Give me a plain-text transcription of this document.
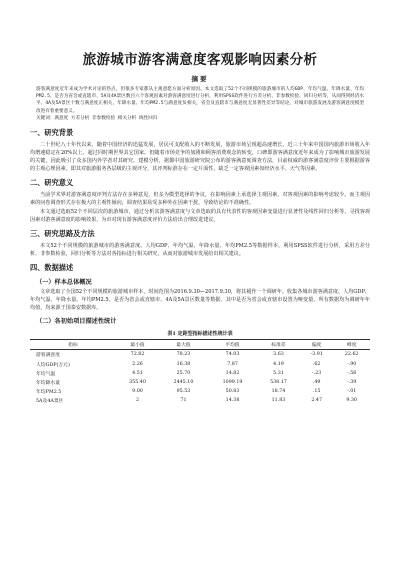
旅游城市游客满意度客观影响因素分析
摘要

游客满意度近年来成为学术讨论的热点，但很多专家都从主观意愿方面分析原因。本文选取了52个不同规模的旅游城市的人均GDP、年均气温、年降水量、年均PM2.5、是否为省会或直辖市、5A及4A景区数目六个客观因素对游客满意度进行分析，利用SPSS软件进行方差分析、非参数检验、回归分析等，从而得到经济水平、4A及5A景区个数与满意度正相关，年降水量、年均PM2.5与满意度负相关，省会及直辖市与满意度无显著性差异等结论，对城市旅游发展及游客满意度模型改进有着重要意义。

关键词：满意度 方差分析 非参数检验 相关分析 线性回归

一、研究背景

二十世纪八十年代以来，随着中国经济的迅猛发展，居民可支配收入的不断发展，旅游市场呈现超高速增长，近三十年来中国国内旅游市场收入年均增速稳定在20%以上，超过同时期世界其它国家。但随着市场竞争的加剧和顾客消费观念的转变，口碑即游客满意度近年来成为了影响城市旅游发展的关键，因此吸引了众多国内外学者对其研究。建模分析，据都中国旅游研究院公布的游客满意度调查方法，目前权威的游客满意度评价主要根据游客的主观心理因素，即其对旅游服务各层级的主观评分，其评判标准存在一定片面性，缺乏一定客观因素如经济水平、天气等因素。

二、研究意义

当前学术界对游客满意度评判方法存在多种意见，但多为模型选择的争议，在影响因素上承选择主观因素，对客观因素的影响考虑较少。而主观因素的问卷调查形式存在极大的主观性倾向，调查结果易受多种外在因素干扰，导致结论的不准确性。

本文通过选取52个不同层次的旅游城市，通过分析其游客满意度与文章选取的具有代表性的客观因素变量进行显著性及线性回归分析等，寻找客观因素对游客满意度的影响效果，为市对现有游客满意度评价方法给出合理改进建议。

三、研究思路及方法

本文52个不同规模的旅游城市的游客满意度、人均GDP、年均气温、年降水量、年均PM2.5等数据样本，利用SPSS软件进行分析，采用方差分析、非参数检验，回归分析等方法对各指标进行相关研究，从而对旅游城市发展给出相关建议。

四、数据描述
（一）样本总体概况

文章选取了全国52个不同规模的旅游城市样本，时间范围为2016.9.30—2017.9.30，将其褪作一个调研年。收集各城市游客满意度、人均GDP、年均气温、年降水量、年均PM2.5、是否为省会或直辖市、4A及5A景区数量等数据。其中是否为省会或直辖市设置为哑变量，所有数据均为调研年年均值，均来源于国泰安数据库。

（二）各初始项目描述性统计
表1 定距型指标描述性统计表
指标	最小值	最大值	平均值	标准差	偏度	峰度
游客满意度	72.82	78.23	74.03	3.63	-3.91	22.62
人均GDP(万元)	2.26	16.38	7.87	4.19	.62	-.90
年均气温	4.51	25.70	14.82	5.31	-.23	-.56
年均降水量	355.40	2445.10	1099.19	538.17	.49	-.39
年均PM2.5	9.00	95.53	50.83	18.74	.15	-.01
5A及4A景区	2	71	14.38	11.83	2.47	9.30
